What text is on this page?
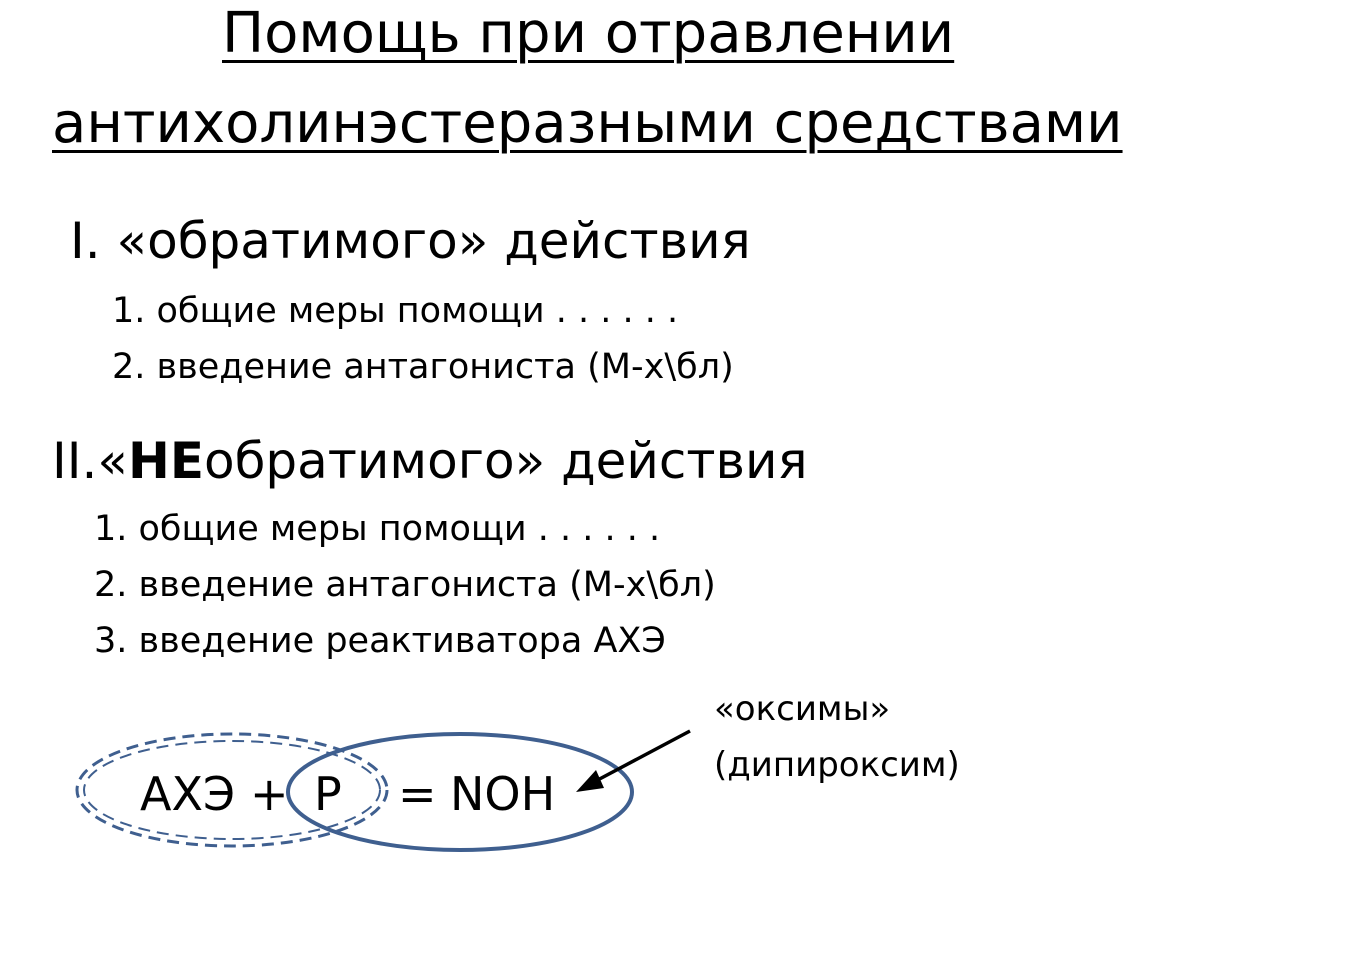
Помощь при отравлении
антихолинэстеразными средствами
I. «обратимого» действия
1. общие меры помощи . . . . . .
2. введение антагониста (М-х\бл)
II.«НЕобратимого» действия
1. общие меры помощи . . . . . .
2. введение антагониста (М-х\бл)
3. введение реактиватора АХЭ
«оксимы»
(дипироксим)
АХЭ + Р = NOH
